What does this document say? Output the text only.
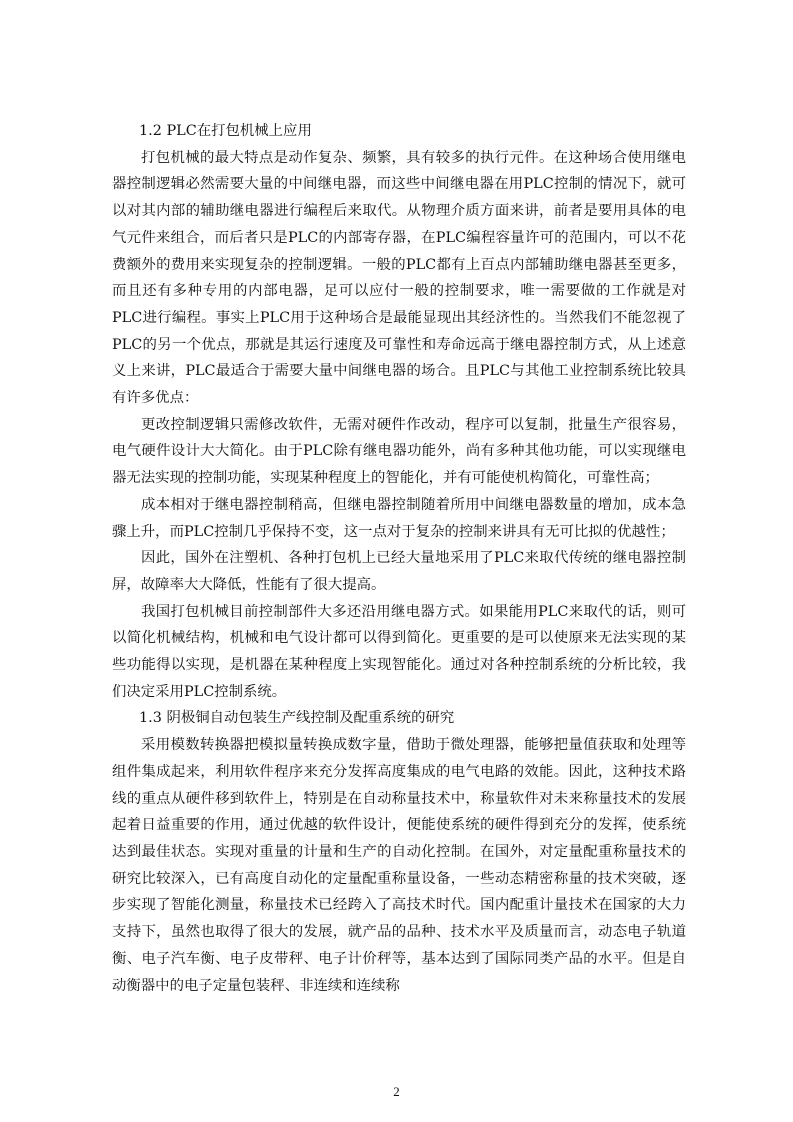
1.2 PLC在打包机械上应用

打包机械的最大特点是动作复杂、频繁，具有较多的执行元件。在这种场合使用继电器控制逻辑必然需要大量的中间继电器，而这些中间继电器在用PLC控制的情况下，就可以对其内部的辅助继电器进行编程后来取代。从物理介质方面来讲，前者是要用具体的电气元件来组合，而后者只是PLC的内部寄存器，在PLC编程容量许可的范围内，可以不花费额外的费用来实现复杂的控制逻辑。一般的PLC都有上百点内部辅助继电器甚至更多，而且还有多种专用的内部电器，足可以应付一般的控制要求，唯一需要做的工作就是对PLC进行编程。事实上PLC用于这种场合是最能显现出其经济性的。当然我们不能忽视了PLC的另一个优点，那就是其运行速度及可靠性和寿命远高于继电器控制方式，从上述意义上来讲，PLC最适合于需要大量中间继电器的场合。且PLC与其他工业控制系统比较具有许多优点：

更改控制逻辑只需修改软件，无需对硬件作改动，程序可以复制，批量生产很容易，电气硬件设计大大简化。由于PLC除有继电器功能外，尚有多种其他功能，可以实现继电器无法实现的控制功能，实现某种程度上的智能化，并有可能使机构简化，可靠性高；

成本相对于继电器控制稍高，但继电器控制随着所用中间继电器数量的增加，成本急骤上升，而PLC控制几乎保持不变，这一点对于复杂的控制来讲具有无可比拟的优越性；

因此，国外在注塑机、各种打包机上已经大量地采用了PLC来取代传统的继电器控制屏，故障率大大降低，性能有了很大提高。

我国打包机械目前控制部件大多还沿用继电器方式。如果能用PLC来取代的话，则可以简化机械结构，机械和电气设计都可以得到简化。更重要的是可以使原来无法实现的某些功能得以实现，是机器在某种程度上实现智能化。通过对各种控制系统的分析比较，我们决定采用PLC控制系统。

1.3 阴极铜自动包装生产线控制及配重系统的研究

采用模数转换器把模拟量转换成数字量，借助于微处理器，能够把量值获取和处理等组件集成起来，利用软件程序来充分发挥高度集成的电气电路的效能。因此，这种技术路线的重点从硬件移到软件上，特别是在自动称量技术中，称量软件对未来称量技术的发展起着日益重要的作用，通过优越的软件设计，便能使系统的硬件得到充分的发挥，使系统达到最佳状态。实现对重量的计量和生产的自动化控制。在国外，对定量配重称量技术的研究比较深入，已有高度自动化的定量配重称量设备，一些动态精密称量的技术突破，逐步实现了智能化测量，称量技术已经跨入了高技术时代。国内配重计量技术在国家的大力支持下，虽然也取得了很大的发展，就产品的品种、技术水平及质量而言，动态电子轨道衡、电子汽车衡、电子皮带秤、电子计价秤等，基本达到了国际同类产品的水平。但是自动衡器中的电子定量包装秤、非连续和连续称

2
